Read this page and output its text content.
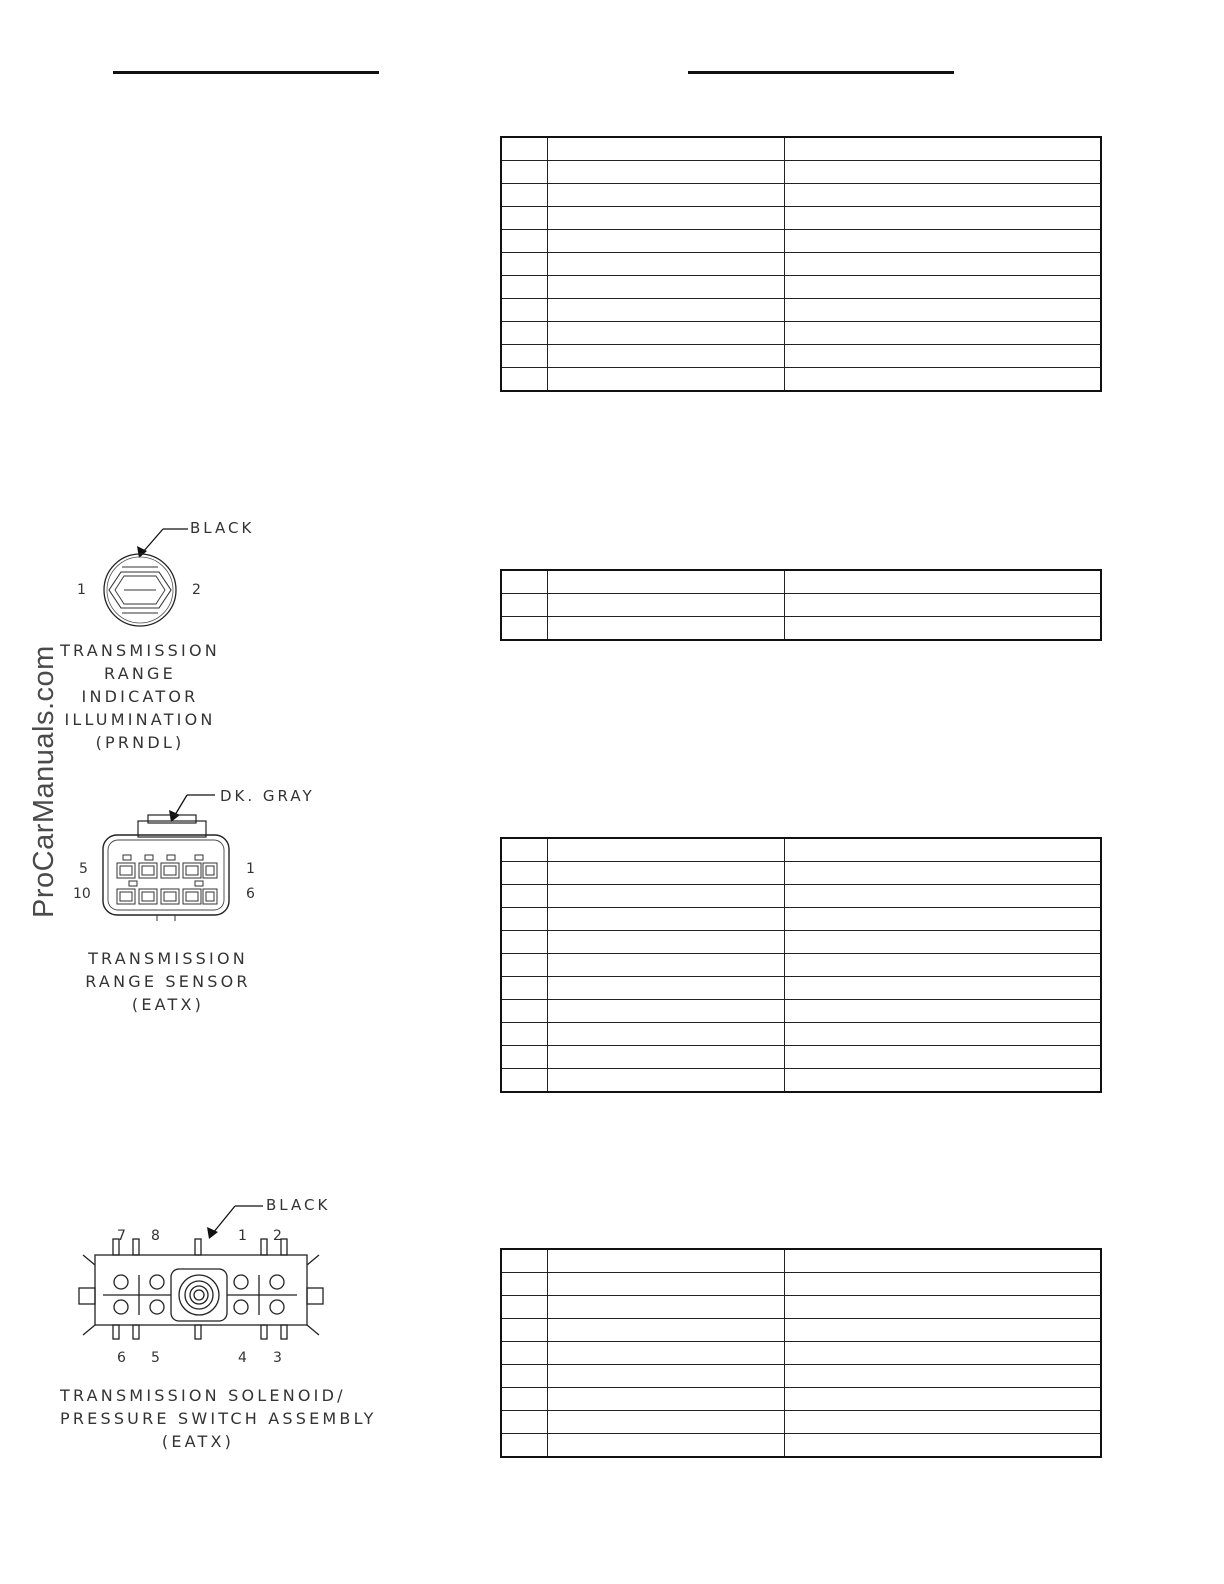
ProCarManuals.com

BLACK
1	2
TRANSMISSION
RANGE
INDICATOR
ILLUMINATION
(PRNDL)
DK. GRAY
5	1
10	6
TRANSMISSION
RANGE SENSOR
(EATX)
BLACK
7 8	1 2
6 5	4 3
TRANSMISSION SOLENOID/
PRESSURE SWITCH ASSEMBLY
(EATX)
